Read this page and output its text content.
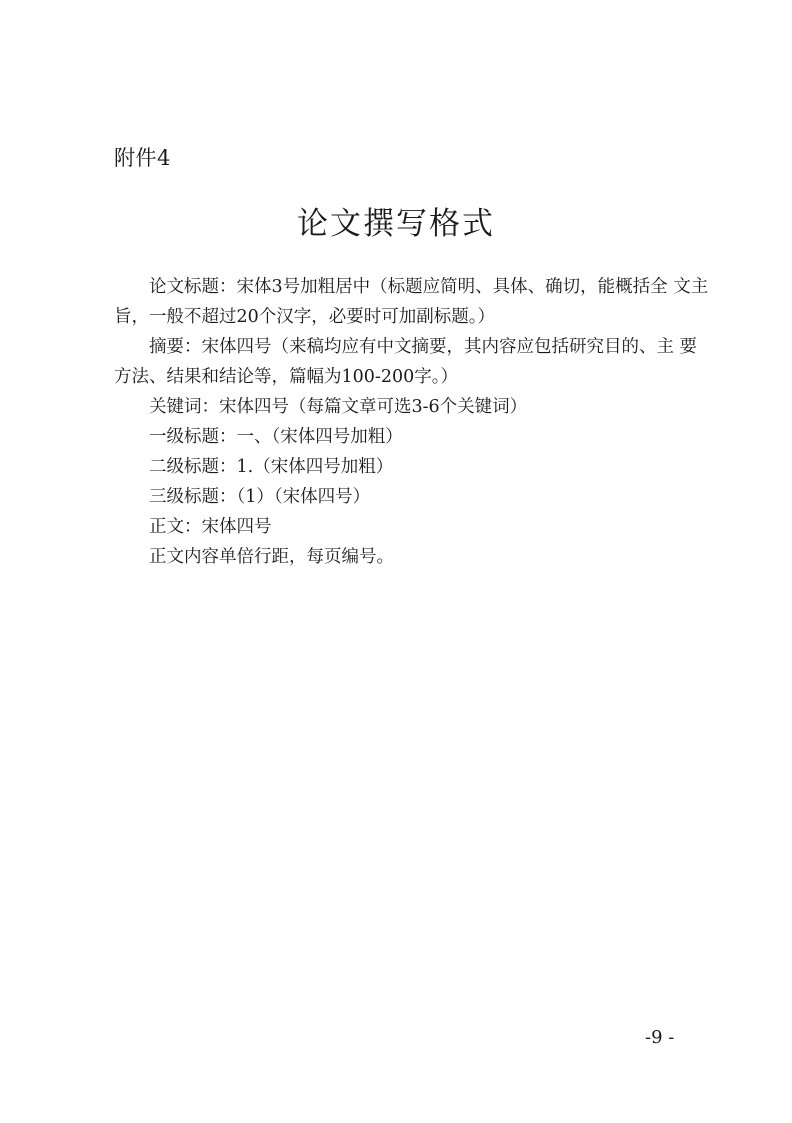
附件4
论文撰写格式

论文标题：宋体3号加粗居中（标题应简明、具体、确切，能概括全 文主
旨，一般不超过20个汉字，必要时可加副标题。）

摘要：宋体四号（来稿均应有中文摘要，其内容应包括研究目的、主 要
方法、结果和结论等，篇幅为100-200字。）

关键词：宋体四号（每篇文章可选3-6个关键词）

一级标题：一、（宋体四号加粗）

二级标题：1.（宋体四号加粗）

三级标题：（1）（宋体四号）

正文：宋体四号

正文内容单倍行距，每页编号。

-9 -
